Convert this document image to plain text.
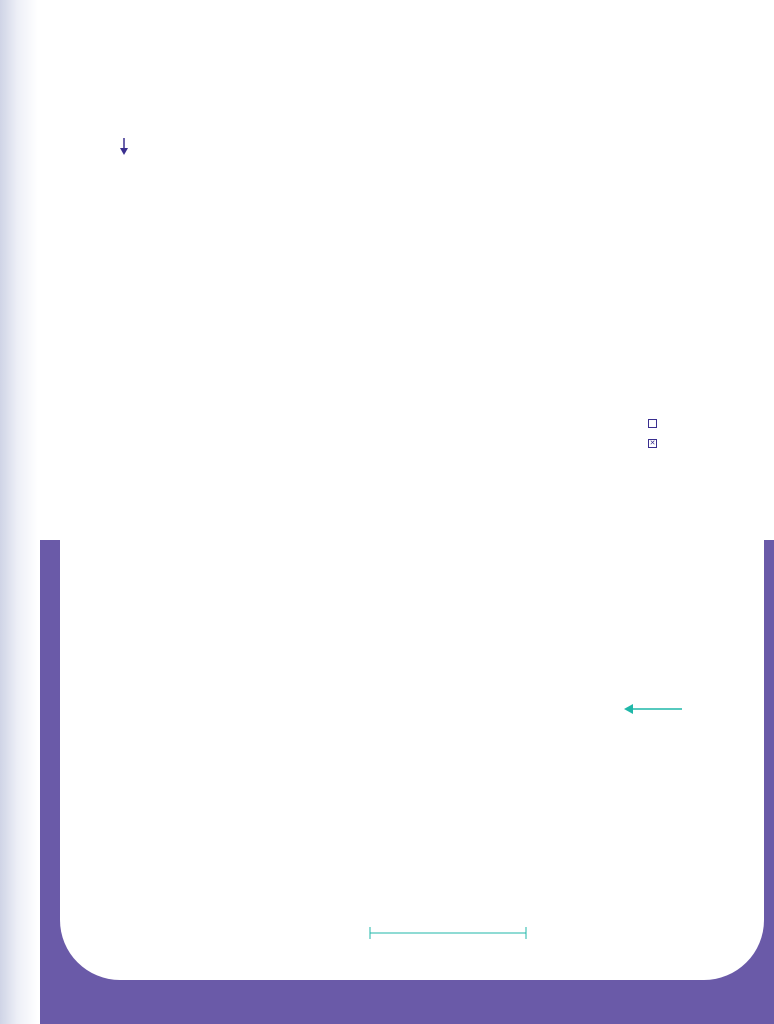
✕
